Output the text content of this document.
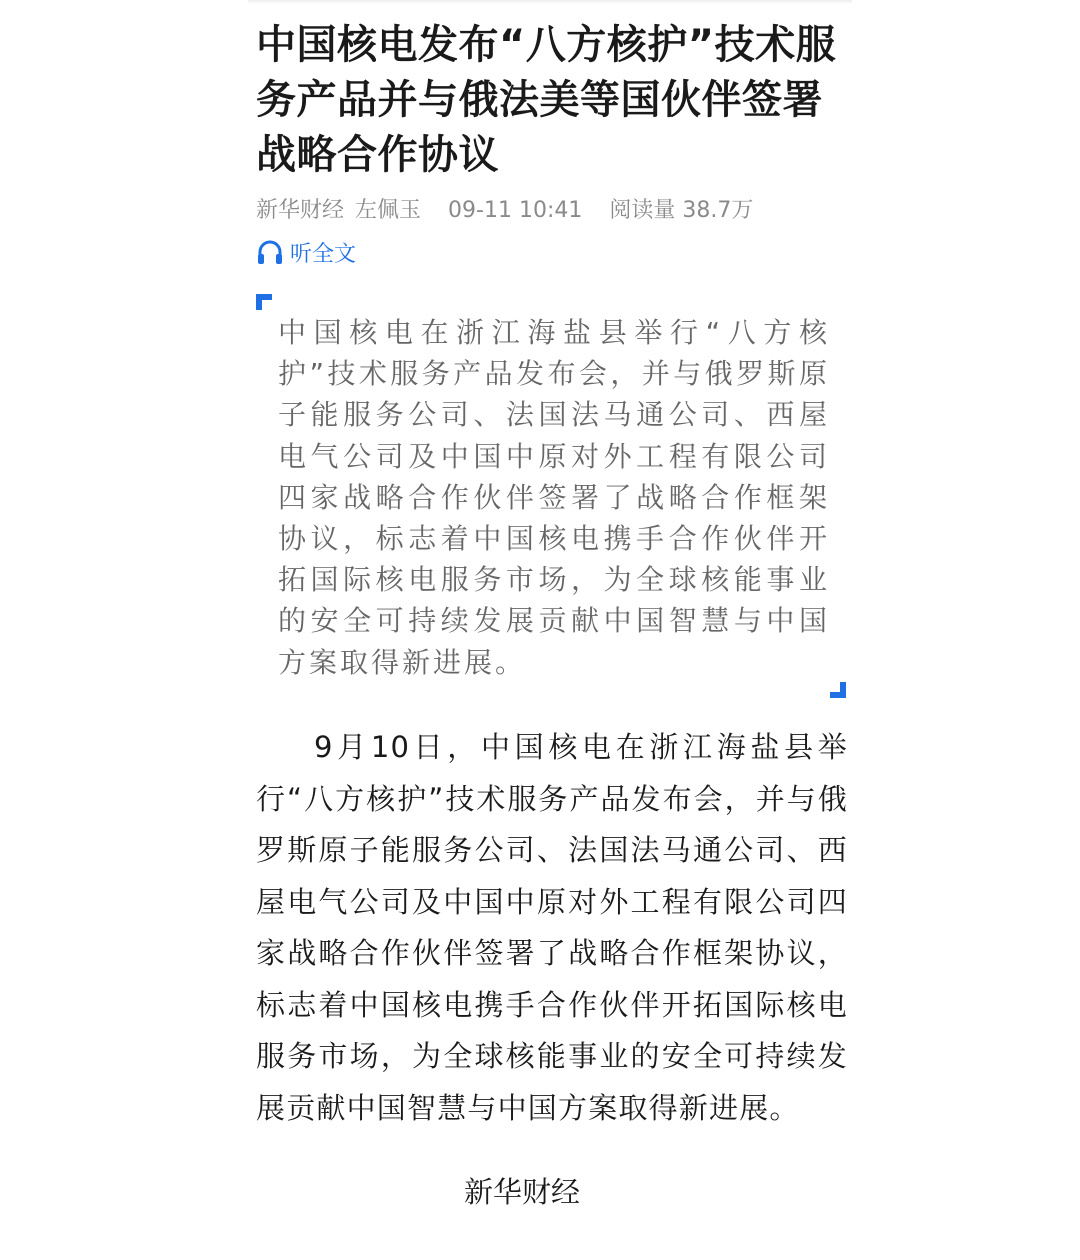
中国核电发布“八方核护”技术服务产品并与俄法美等国伙伴签署战略合作协议
新华财经 左佩玉 09-11 10:41 阅读量 38.7万
听全文

中国核电在浙江海盐县举行“八方核护”技术服务产品发布会，并与俄罗斯原子能服务公司、法国法马通公司、西屋电气公司及中国中原对外工程有限公司四家战略合作伙伴签署了战略合作框架协议，标志着中国核电携手合作伙伴开拓国际核电服务市场，为全球核能事业的安全可持续发展贡献中国智慧与中国方案取得新进展。

9月10日，中国核电在浙江海盐县举行“八方核护”技术服务产品发布会，并与俄罗斯原子能服务公司、法国法马通公司、西屋电气公司及中国中原对外工程有限公司四家战略合作伙伴签署了战略合作框架协议，标志着中国核电携手合作伙伴开拓国际核电服务市场，为全球核能事业的安全可持续发展贡献中国智慧与中国方案取得新进展。

新华财经
